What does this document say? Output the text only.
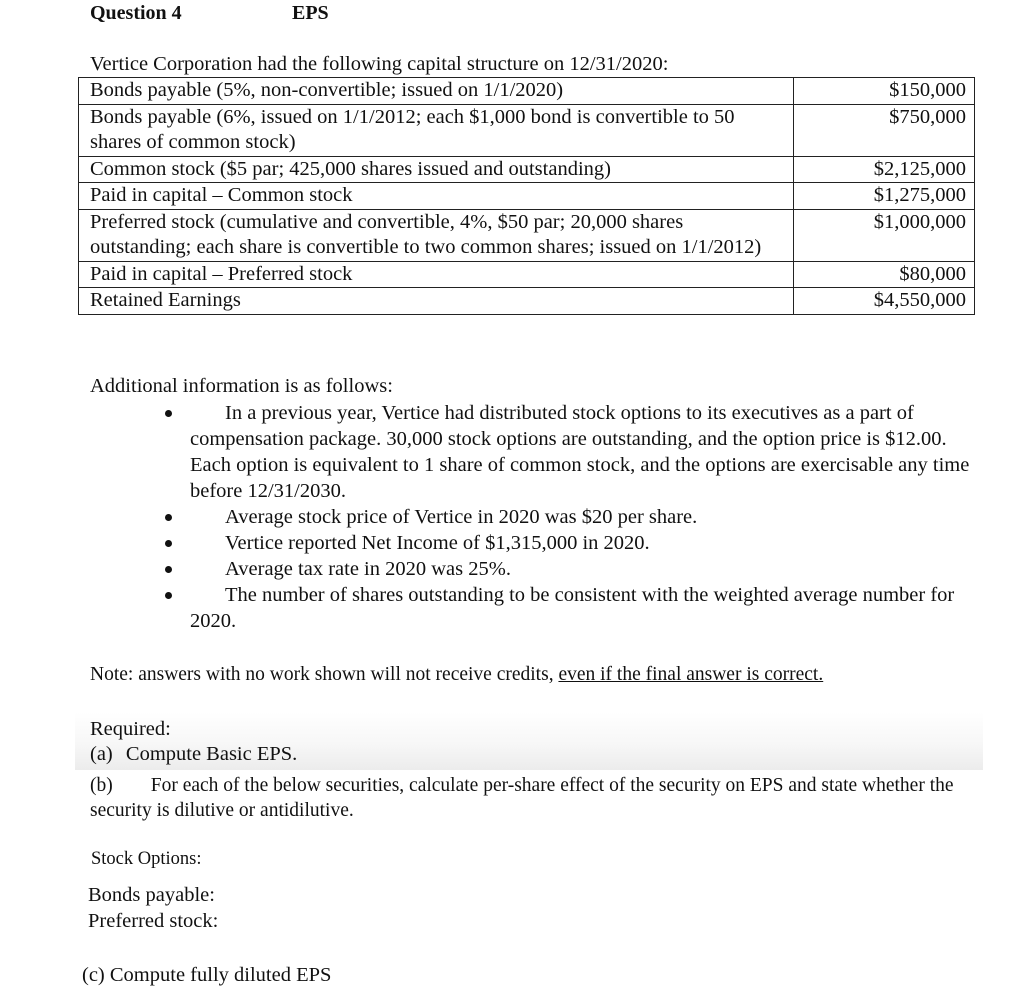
Question 4	EPS
Vertice Corporation had the following capital structure on 12/31/2020:
Bonds payable (5%, non-convertible; issued on 1/1/2020)	$150,000
Bonds payable (6%, issued on 1/1/2012; each $1,000 bond is convertible to 50 shares of common stock)	$750,000
Common stock ($5 par; 425,000 shares issued and outstanding)	$2,125,000
Paid in capital – Common stock	$1,275,000
Preferred stock (cumulative and convertible, 4%, $50 par; 20,000 shares outstanding; each share is convertible to two common shares; issued on 1/1/2012)	$1,000,000
Paid in capital – Preferred stock	$80,000
Retained Earnings	$4,550,000
Additional information is as follows:
In a previous year, Vertice had distributed stock options to its executives as a part of compensation package. 30,000 stock options are outstanding, and the option price is $12.00. Each option is equivalent to 1 share of common stock, and the options are exercisable any time before 12/31/2030.
Average stock price of Vertice in 2020 was $20 per share.
Vertice reported Net Income of $1,315,000 in 2020.
Average tax rate in 2020 was 25%.
The number of shares outstanding to be consistent with the weighted average number for 2020.
Note: answers with no work shown will not receive credits, even if the final answer is correct.
Required:
(a) Compute Basic EPS.
(b) For each of the below securities, calculate per-share effect of the security on EPS and state whether the security is dilutive or antidilutive.
Stock Options:
Bonds payable:
Preferred stock:
(c) Compute fully diluted EPS
